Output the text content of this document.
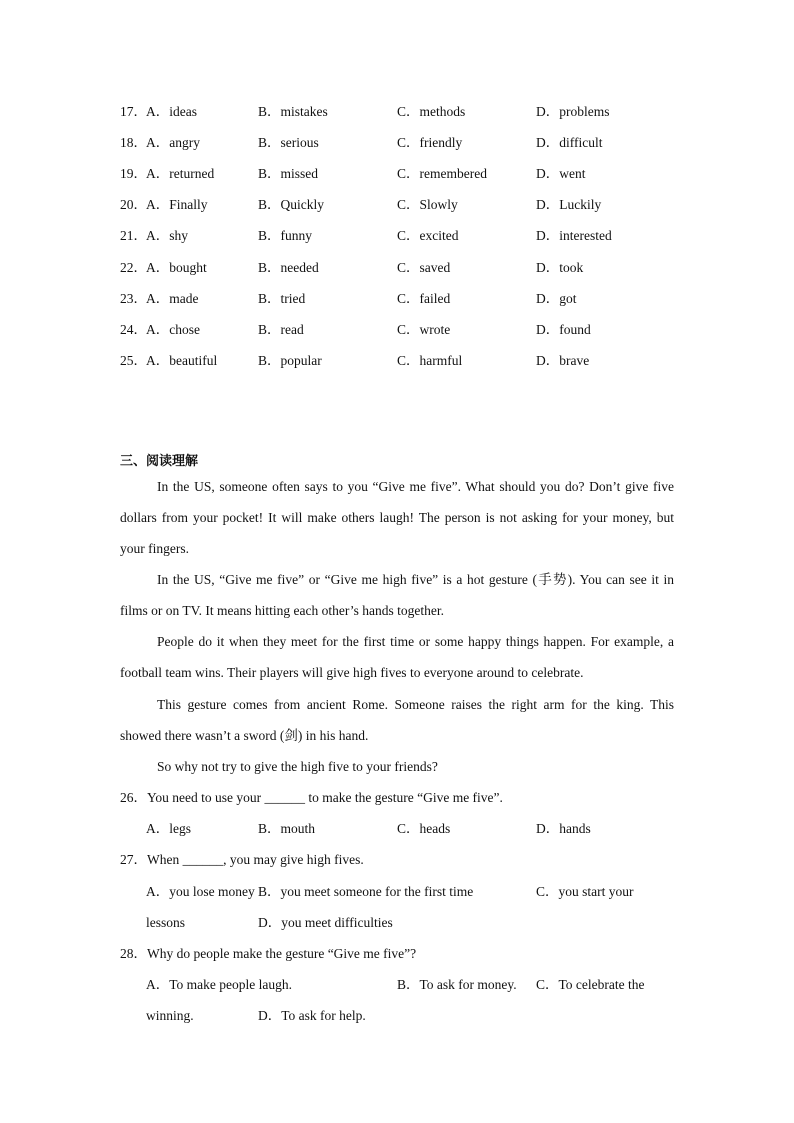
17． A．ideas	B．mistakes	C．methods	D．problems
18． A．angry	B．serious	C．friendly	D．difficult
19． A．returned	B．missed	C．remembered	D．went
20． A．Finally	B．Quickly	C．Slowly	D．Luckily
21． A．shy	B．funny	C．excited	D．interested
22． A．bought	B．needed	C．saved	D．took
23． A．made	B．tried	C．failed	D．got
24． A．chose	B．read	C．wrote	D．found
25． A．beautiful	B．popular	C．harmful	D．brave
三、阅读理解

In the US, someone often says to you “Give me five”. What should you do? Don’t give five dollars from your pocket! It will make others laugh! The person is not asking for your money, but your fingers.

In the US, “Give me five” or “Give me high five” is a hot gesture (手势). You can see it in films or on TV. It means hitting each other’s hands together.

People do it when they meet for the first time or some happy things happen. For example, a football team wins. Their players will give high fives to everyone around to celebrate.

This gesture comes from ancient Rome. Someone raises the right arm for the king. This showed there wasn’t a sword (剑) in his hand.

So why not try to give the high five to your friends?

26．You need to use your ______ to make the gesture “Give me five”.
A．legs	B．mouth	C．heads	D．hands
27．When ______, you may give high fives.
A．you lose money B．you meet someone for the first time	C．you start your
lessons	D．you meet difficulties
28．Why do people make the gesture “Give me five”?
A．To make people laugh.	B．To ask for money. C．To celebrate the
winning.	D．To ask for help.
